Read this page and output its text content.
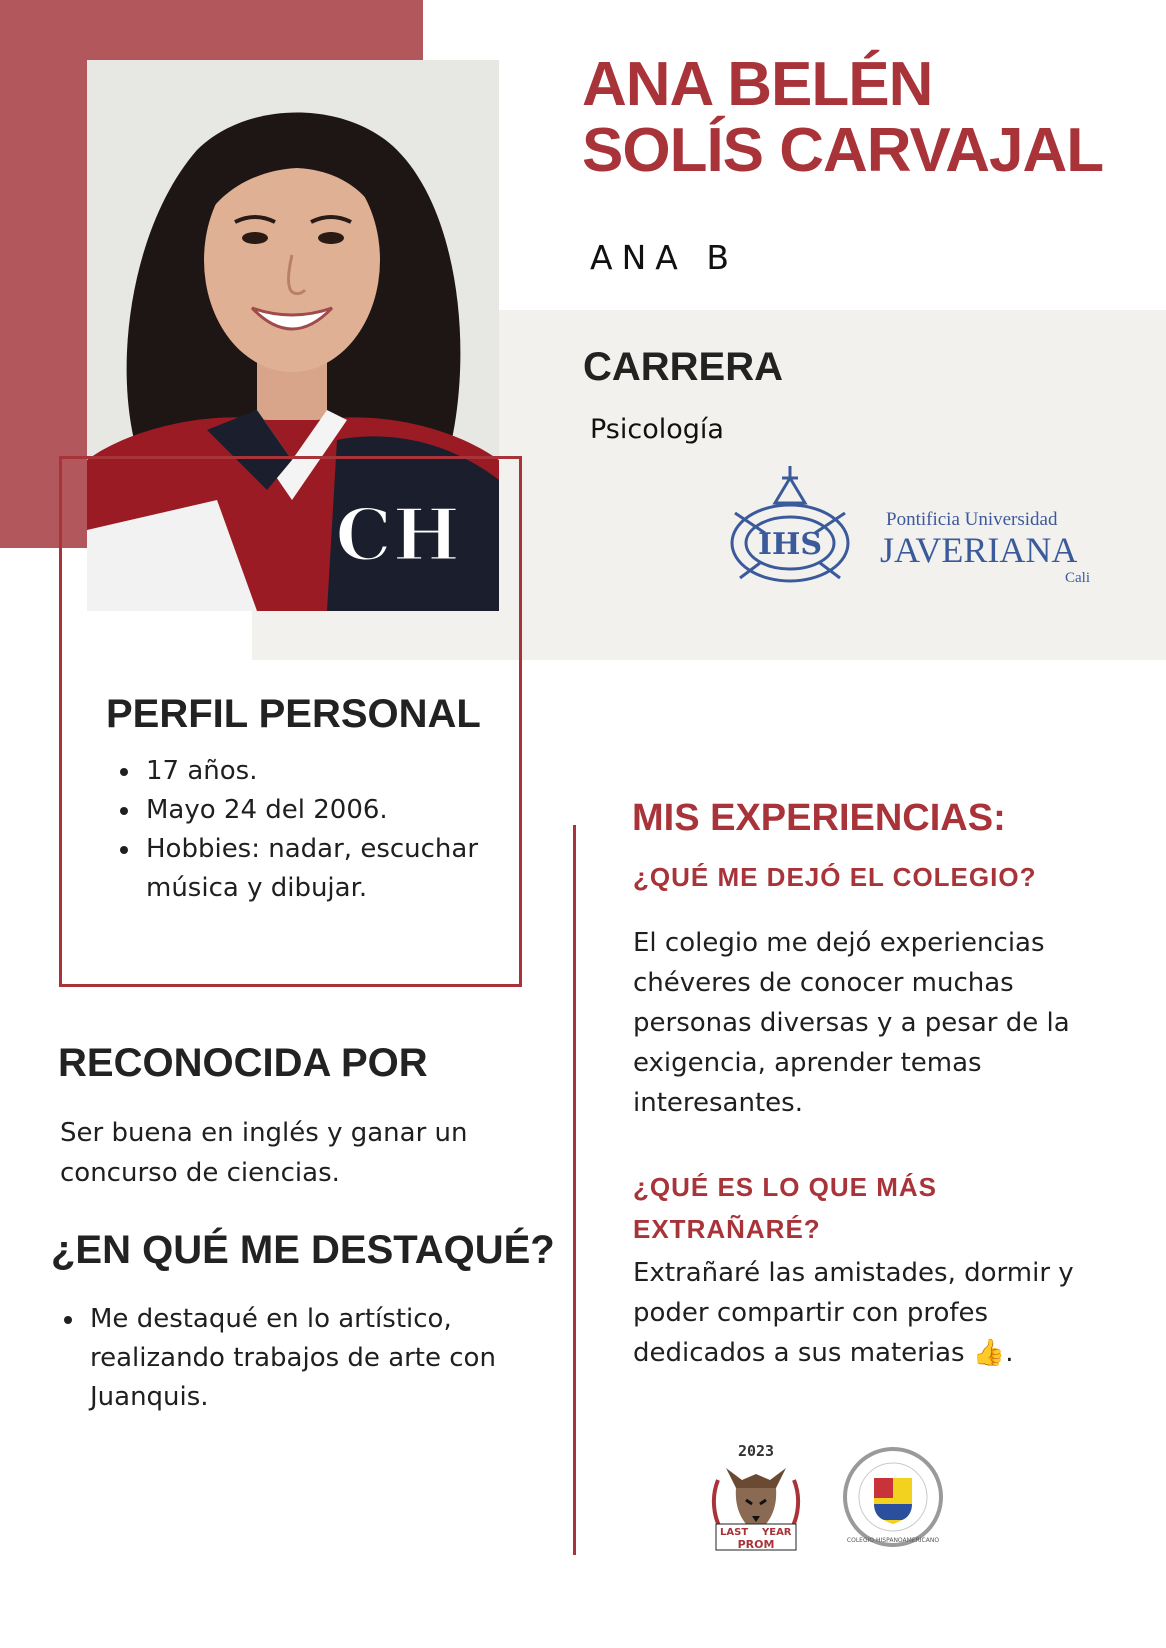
CH
ANA BELÉN
SOLÍS CARVAJAL

ANA B

CARRERA

Psicología

IHS
Pontificia Universidad
JAVERIANA
Cali
PERFIL PERSONAL
• 17 años.
• Mayo 24 del 2006.
• Hobbies: nadar, escuchar música y dibujar.
RECONOCIDA POR

Ser buena en inglés y ganar un concurso de ciencias.

¿EN QUÉ ME DESTAQUÉ?
• Me destaqué en lo artístico, realizando trabajos de arte con Juanquis.
MIS EXPERIENCIAS:
¿QUÉ ME DEJÓ EL COLEGIO?

El colegio me dejó experiencias chéveres de conocer muchas personas diversas y a pesar de la exigencia, aprender temas interesantes.

¿QUÉ ES LO QUE MÁS EXTRAÑARÉ?

Extrañaré las amistades, dormir y poder compartir con profes dedicados a sus materias 👍.

2023
LAST YEAR
PROM	COLEGIO HISPANOAMERICANO
